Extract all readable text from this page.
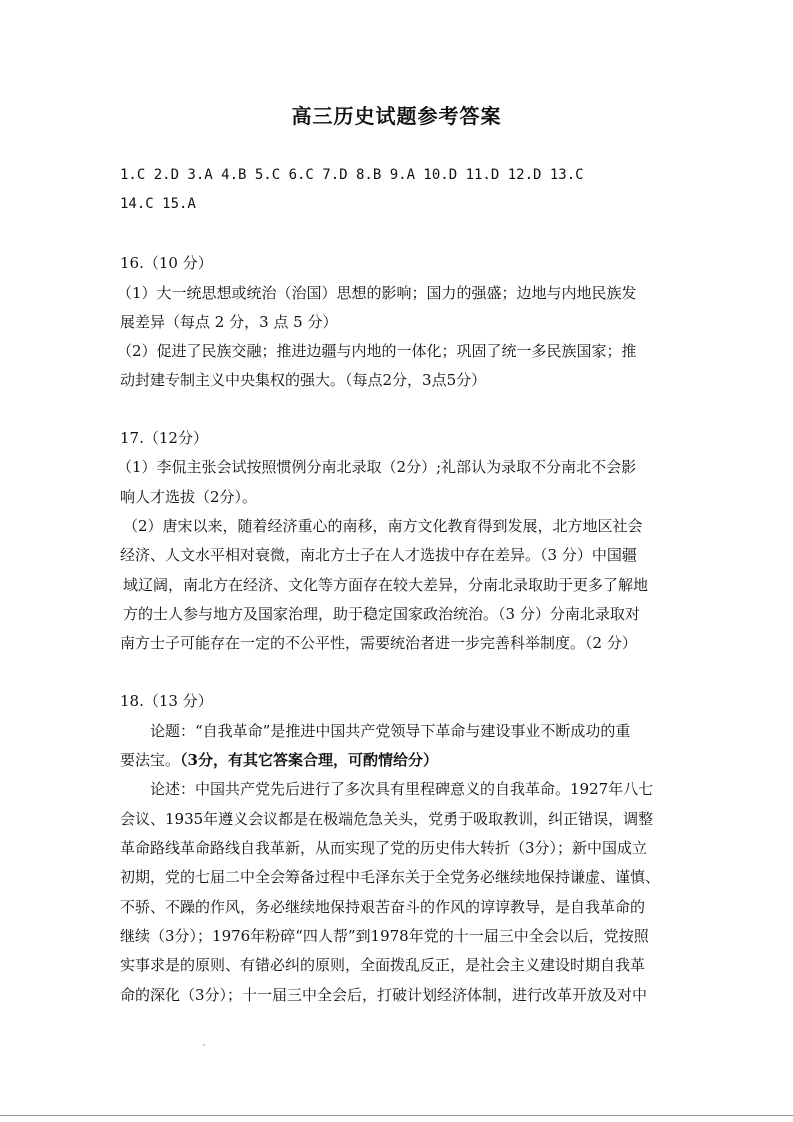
高三历史试题参考答案
1.C 2.D 3.A 4.B 5.C 6.C 7.D 8.B 9.A 10.D 11.D 12.D 13.C
14.C 15.A
16.（10 分）
（1）大一统思想或统治（治国）思想的影响；国力的强盛；边地与内地民族发
展差异（每点 2 分，3 点 5 分）
（2）促进了民族交融；推进边疆与内地的一体化；巩固了统一多民族国家；推
动封建专制主义中央集权的强大。（每点2分，3点5分）
17.（12分）
（1）李侃主张会试按照惯例分南北录取（2分）;礼部认为录取不分南北不会影
响人才选拔（2分）。
（2）唐宋以来，随着经济重心的南移，南方文化教育得到发展，北方地区社会
经济、人文水平相对衰微，南北方士子在人才选拔中存在差异。（3 分）中国疆
域辽阔，南北方在经济、文化等方面存在较大差异，分南北录取助于更多了解地
方的士人参与地方及国家治理，助于稳定国家政治统治。（3 分）分南北录取对
南方士子可能存在一定的不公平性，需要统治者进一步完善科举制度。（2 分）
18.（13 分）
论题：“自我革命”是推进中国共产党领导下革命与建设事业不断成功的重
要法宝。（3分，有其它答案合理，可酌情给分）
论述：中国共产党先后进行了多次具有里程碑意义的自我革命。1927年八七
会议、1935年遵义会议都是在极端危急关头，党勇于吸取教训，纠正错误，调整
革命路线革命路线自我革新，从而实现了党的历史伟大转折（3分）；新中国成立
初期，党的七届二中全会筹备过程中毛泽东关于全党务必继续地保持谦虚、谨慎、
不骄、不躁的作风，务必继续地保持艰苦奋斗的作风的谆谆教导，是自我革命的
继续（3分）；1976年粉碎“四人帮”到1978年党的十一届三中全会以后，党按照
实事求是的原则、有错必纠的原则，全面拨乱反正，是社会主义建设时期自我革
命的深化（3分）；十一届三中全会后，打破计划经济体制，进行改革开放及对中
